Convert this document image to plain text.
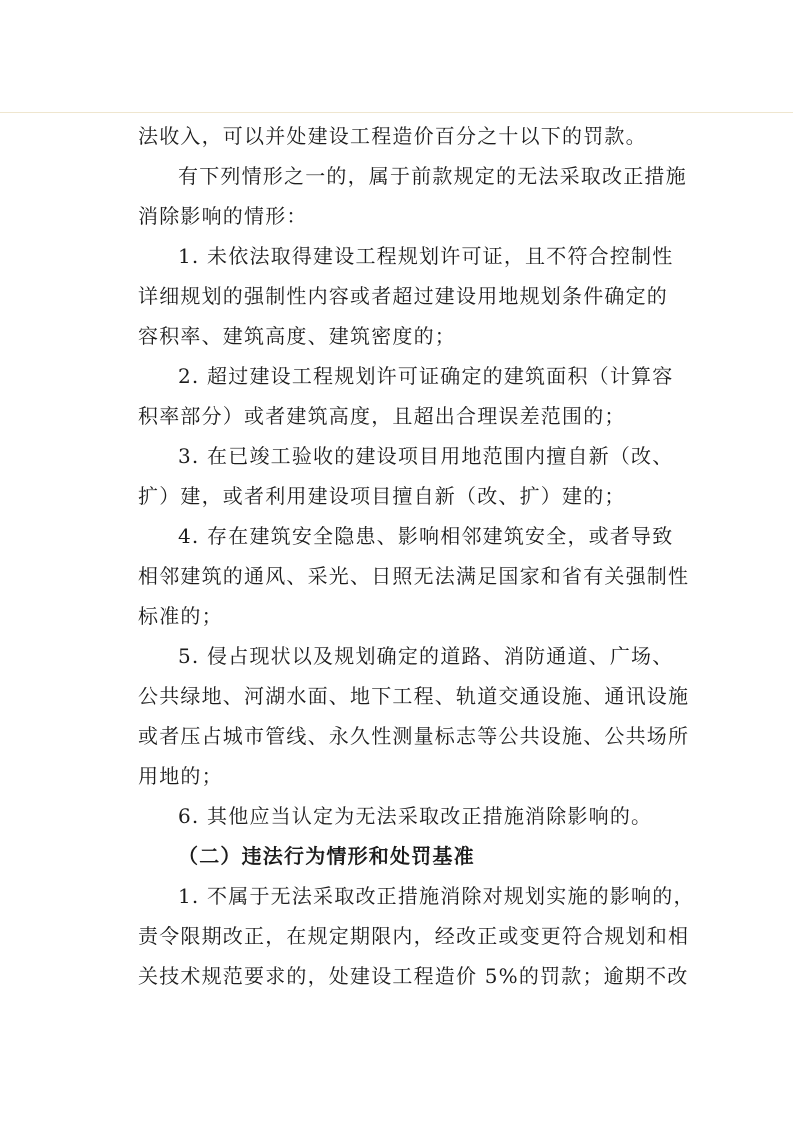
法收入，可以并处建设工程造价百分之十以下的罚款。
有下列情形之一的，属于前款规定的无法采取改正措施
消除影响的情形：
1. 未依法取得建设工程规划许可证，且不符合控制性
详细规划的强制性内容或者超过建设用地规划条件确定的
容积率、建筑高度、建筑密度的；
2. 超过建设工程规划许可证确定的建筑面积（计算容
积率部分）或者建筑高度，且超出合理误差范围的；
3. 在已竣工验收的建设项目用地范围内擅自新（改、
扩）建，或者利用建设项目擅自新（改、扩）建的；
4. 存在建筑安全隐患、影响相邻建筑安全，或者导致
相邻建筑的通风、采光、日照无法满足国家和省有关强制性
标准的；
5. 侵占现状以及规划确定的道路、消防通道、广场、
公共绿地、河湖水面、地下工程、轨道交通设施、通讯设施
或者压占城市管线、永久性测量标志等公共设施、公共场所
用地的；
6. 其他应当认定为无法采取改正措施消除影响的。
（二）违法行为情形和处罚基准
1. 不属于无法采取改正措施消除对规划实施的影响的，
责令限期改正，在规定期限内，经改正或变更符合规划和相
关技术规范要求的，处建设工程造价 5%的罚款；逾期不改
